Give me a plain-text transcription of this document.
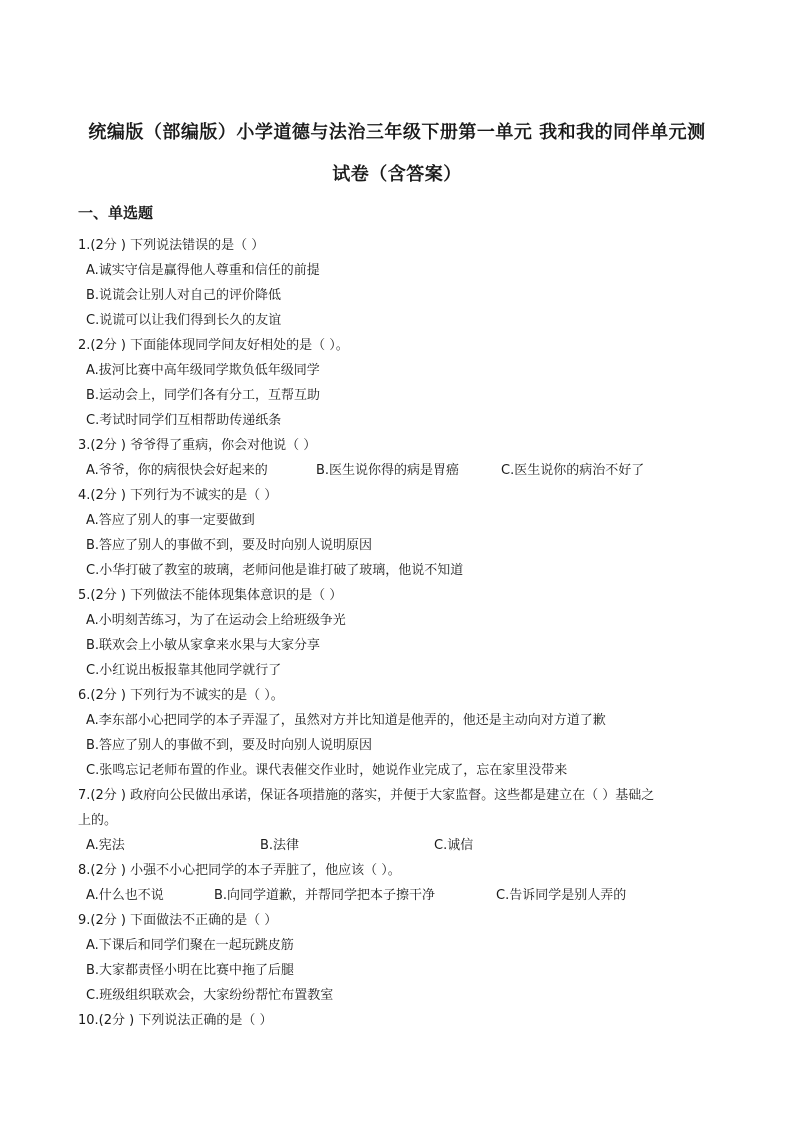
统编版（部编版）小学道德与法治三年级下册第一单元 我和我的同伴单元测
试卷（含答案）
一、单选题
1.(2分 ) 下列说法错误的是（ ）
A.诚实守信是赢得他人尊重和信任的前提
B.说谎会让别人对自己的评价降低
C.说谎可以让我们得到长久的友谊
2.(2分 ) 下面能体现同学间友好相处的是（ ）。
A.拔河比赛中高年级同学欺负低年级同学
B.运动会上，同学们各有分工，互帮互助
C.考试时同学们互相帮助传递纸条
3.(2分 ) 爷爷得了重病，你会对他说（ ）
A.爷爷，你的病很快会好起来的	B.医生说你得的病是胃癌	C.医生说你的病治不好了
4.(2分 ) 下列行为不诚实的是（ ）
A.答应了别人的事一定要做到
B.答应了别人的事做不到，要及时向别人说明原因
C.小华打破了教室的玻璃，老师问他是谁打破了玻璃，他说不知道
5.(2分 ) 下列做法不能体现集体意识的是（ ）
A.小明刻苦练习，为了在运动会上给班级争光
B.联欢会上小敏从家拿来水果与大家分享
C.小红说出板报靠其他同学就行了
6.(2分 ) 下列行为不诚实的是（ ）。
A.李东部小心把同学的本子弄湿了，虽然对方并比知道是他弄的，他还是主动向对方道了歉
B.答应了别人的事做不到，要及时向别人说明原因
C.张鸣忘记老师布置的作业。课代表催交作业时，她说作业完成了，忘在家里没带来
7.(2分 ) 政府向公民做出承诺，保证各项措施的落实，并便于大家监督。这些都是建立在（ ）基础之
上的。
A.宪法	B.法律	C.诚信
8.(2分 ) 小强不小心把同学的本子弄脏了，他应该（ ）。
A.什么也不说	B.向同学道歉，并帮同学把本子擦干净	C.告诉同学是别人弄的
9.(2分 ) 下面做法不正确的是（ ）
A.下课后和同学们聚在一起玩跳皮筋
B.大家都责怪小明在比赛中拖了后腿
C.班级组织联欢会，大家纷纷帮忙布置教室
10.(2分 ) 下列说法正确的是（ ）
